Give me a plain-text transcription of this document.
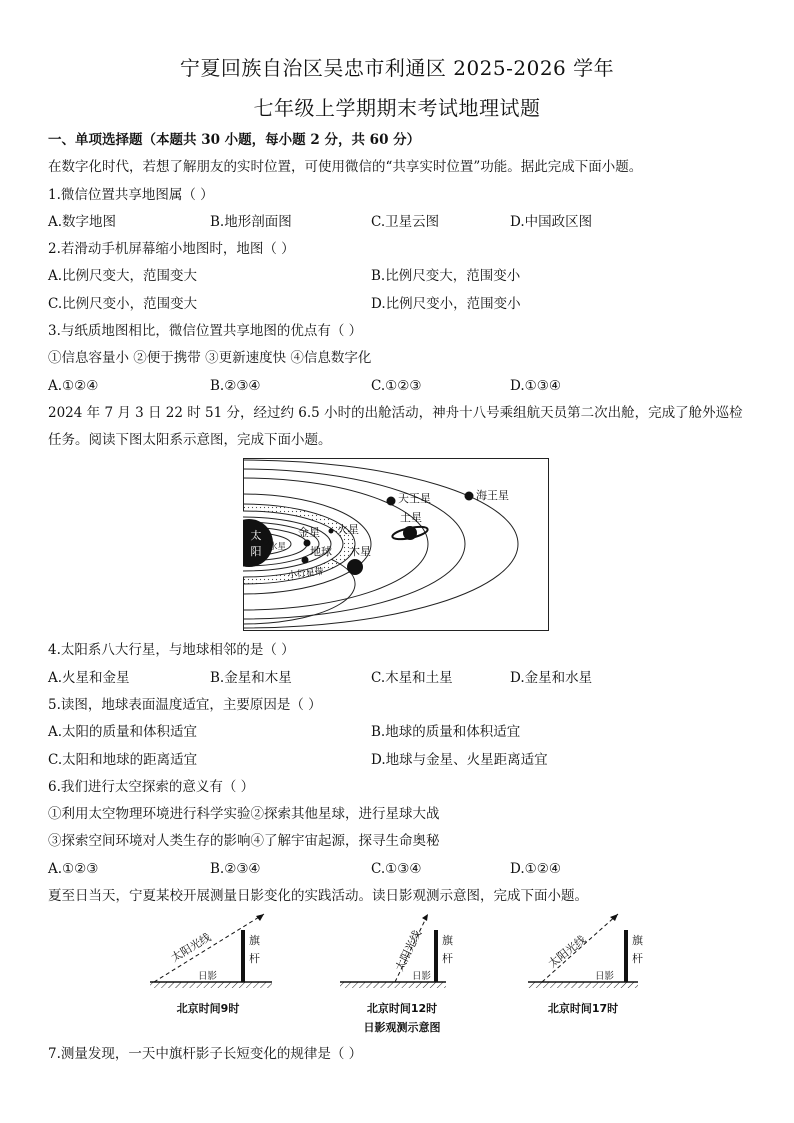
宁夏回族自治区吴忠市利通区 2025-2026 学年
七年级上学期期末考试地理试题
一、单项选择题（本题共 30 小题，每小题 2 分，共 60 分）
在数字化时代，若想了解朋友的实时位置，可使用微信的“共享实时位置”功能。据此完成下面小题。
1.微信位置共享地图属（ ）
A.数字地图	B.地形剖面图	C.卫星云图	D.中国政区图
2.若滑动手机屏幕缩小地图时，地图（ ）
A.比例尺变大，范围变大	B.比例尺变大，范围变小
C.比例尺变小，范围变大	D.比例尺变小，范围变小
3.与纸质地图相比，微信位置共享地图的优点有（ ）
①信息容量小 ②便于携带 ③更新速度快 ④信息数字化
A.①②④	B.②③④	C.①②③	D.①③④
2024 年 7 月 3 日 22 时 51 分，经过约 6.5 小时的出舱活动，神舟十八号乘组航天员第二次出舱，完成了舱外巡检
任务。阅读下图太阳系示意图，完成下面小题。
太
阳 水星
金星
地球
火星
木星
小行星带
土星
天王星	海王星
4.太阳系八大行星，与地球相邻的是（ ）
A.火星和金星	B.金星和木星	C.木星和土星	D.金星和水星
5.读图，地球表面温度适宜，主要原因是（ ）
A.太阳的质量和体积适宜	B.地球的质量和体积适宜
C.太阳和地球的距离适宜	D.地球与金星、火星距离适宜
6.我们进行太空探索的意义有（ ）
①利用太空物理环境进行科学实验②探索其他星球，进行星球大战
③探索空间环境对人类生存的影响④了解宇宙起源，探寻生命奥秘
A.①②③	B.②③④	C.①③④	D.①②④
夏至日当天，宁夏某校开展测量日影变化的实践活动。读日影观测示意图，完成下面小题。
太阳光线	旗
杆
日影
北京时间9时
太阳光线 旗
杆
日影
北京时间12时
日影观测示意图
太阳光线	旗
杆
日影
北京时间17时
7.测量发现，一天中旗杆影子长短变化的规律是（ ）
